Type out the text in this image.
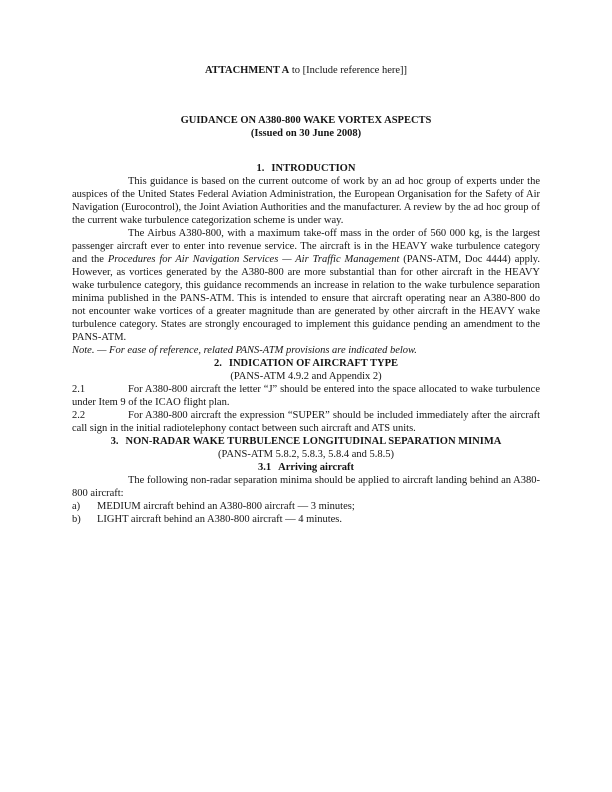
ATTACHMENT A to [Include reference here]]

GUIDANCE ON A380-800 WAKE VORTEX ASPECTS

(Issued on 30 June 2008)

1. INTRODUCTION

This guidance is based on the current outcome of work by an ad hoc group of experts under the auspices of the United States Federal Aviation Administration, the European Organisation for the Safety of Air Navigation (Eurocontrol), the Joint Aviation Authorities and the manufacturer. A review by the ad hoc group of the current wake turbulence categorization scheme is under way.

The Airbus A380-800, with a maximum take-off mass in the order of 560 000 kg, is the largest passenger aircraft ever to enter into revenue service. The aircraft is in the HEAVY wake turbulence category and the Procedures for Air Navigation Services — Air Traffic Management (PANS-ATM, Doc 4444) apply. However, as vortices generated by the A380-800 are more substantial than for other aircraft in the HEAVY wake turbulence category, this guidance recommends an increase in relation to the wake turbulence separation minima published in the PANS-ATM. This is intended to ensure that aircraft operating near an A380-800 do not encounter wake vortices of a greater magnitude than are generated by other aircraft in the HEAVY wake turbulence category. States are strongly encouraged to implement this guidance pending an amendment to the PANS-ATM.

Note. — For ease of reference, related PANS-ATM provisions are indicated below.

2. INDICATION OF AIRCRAFT TYPE

(PANS-ATM 4.9.2 and Appendix 2)

2.1	For A380-800 aircraft the letter “J” should be entered into the space allocated to wake turbulence under Item 9 of the ICAO flight plan.

2.2	For A380-800 aircraft the expression “SUPER” should be included immediately after the aircraft call sign in the initial radiotelephony contact between such aircraft and ATS units.

3. NON-RADAR WAKE TURBULENCE LONGITUDINAL SEPARATION MINIMA

(PANS-ATM 5.8.2, 5.8.3, 5.8.4 and 5.8.5)

3.1 Arriving aircraft

The following non-radar separation minima should be applied to aircraft landing behind an A380-800 aircraft:

a) MEDIUM aircraft behind an A380-800 aircraft — 3 minutes;

b) LIGHT aircraft behind an A380-800 aircraft — 4 minutes.
